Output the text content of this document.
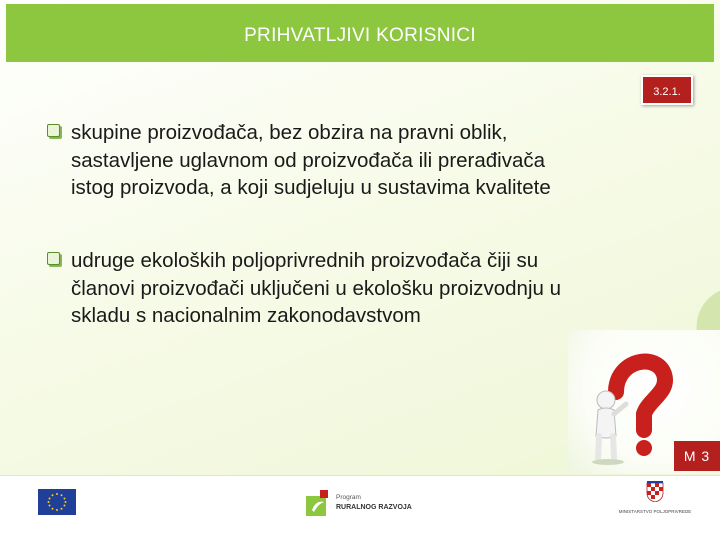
PRIHVATLJIVI KORISNICI
3.2.1.
skupine proizvođača, bez obzira na pravni oblik,
sastavljene uglavnom od proizvođača ili prerađivača
istog proizvoda, a koji sudjeluju u sustavima kvalitete
udruge ekoloških poljoprivrednih proizvođača čiji su
članovi proizvođači uključeni u ekološku proizvodnju u
skladu s nacionalnim zakonodavstvom
M 3
Program
RURALNOG RAZVOJA
MINISTARSTVO POLJOPRIVREDE
